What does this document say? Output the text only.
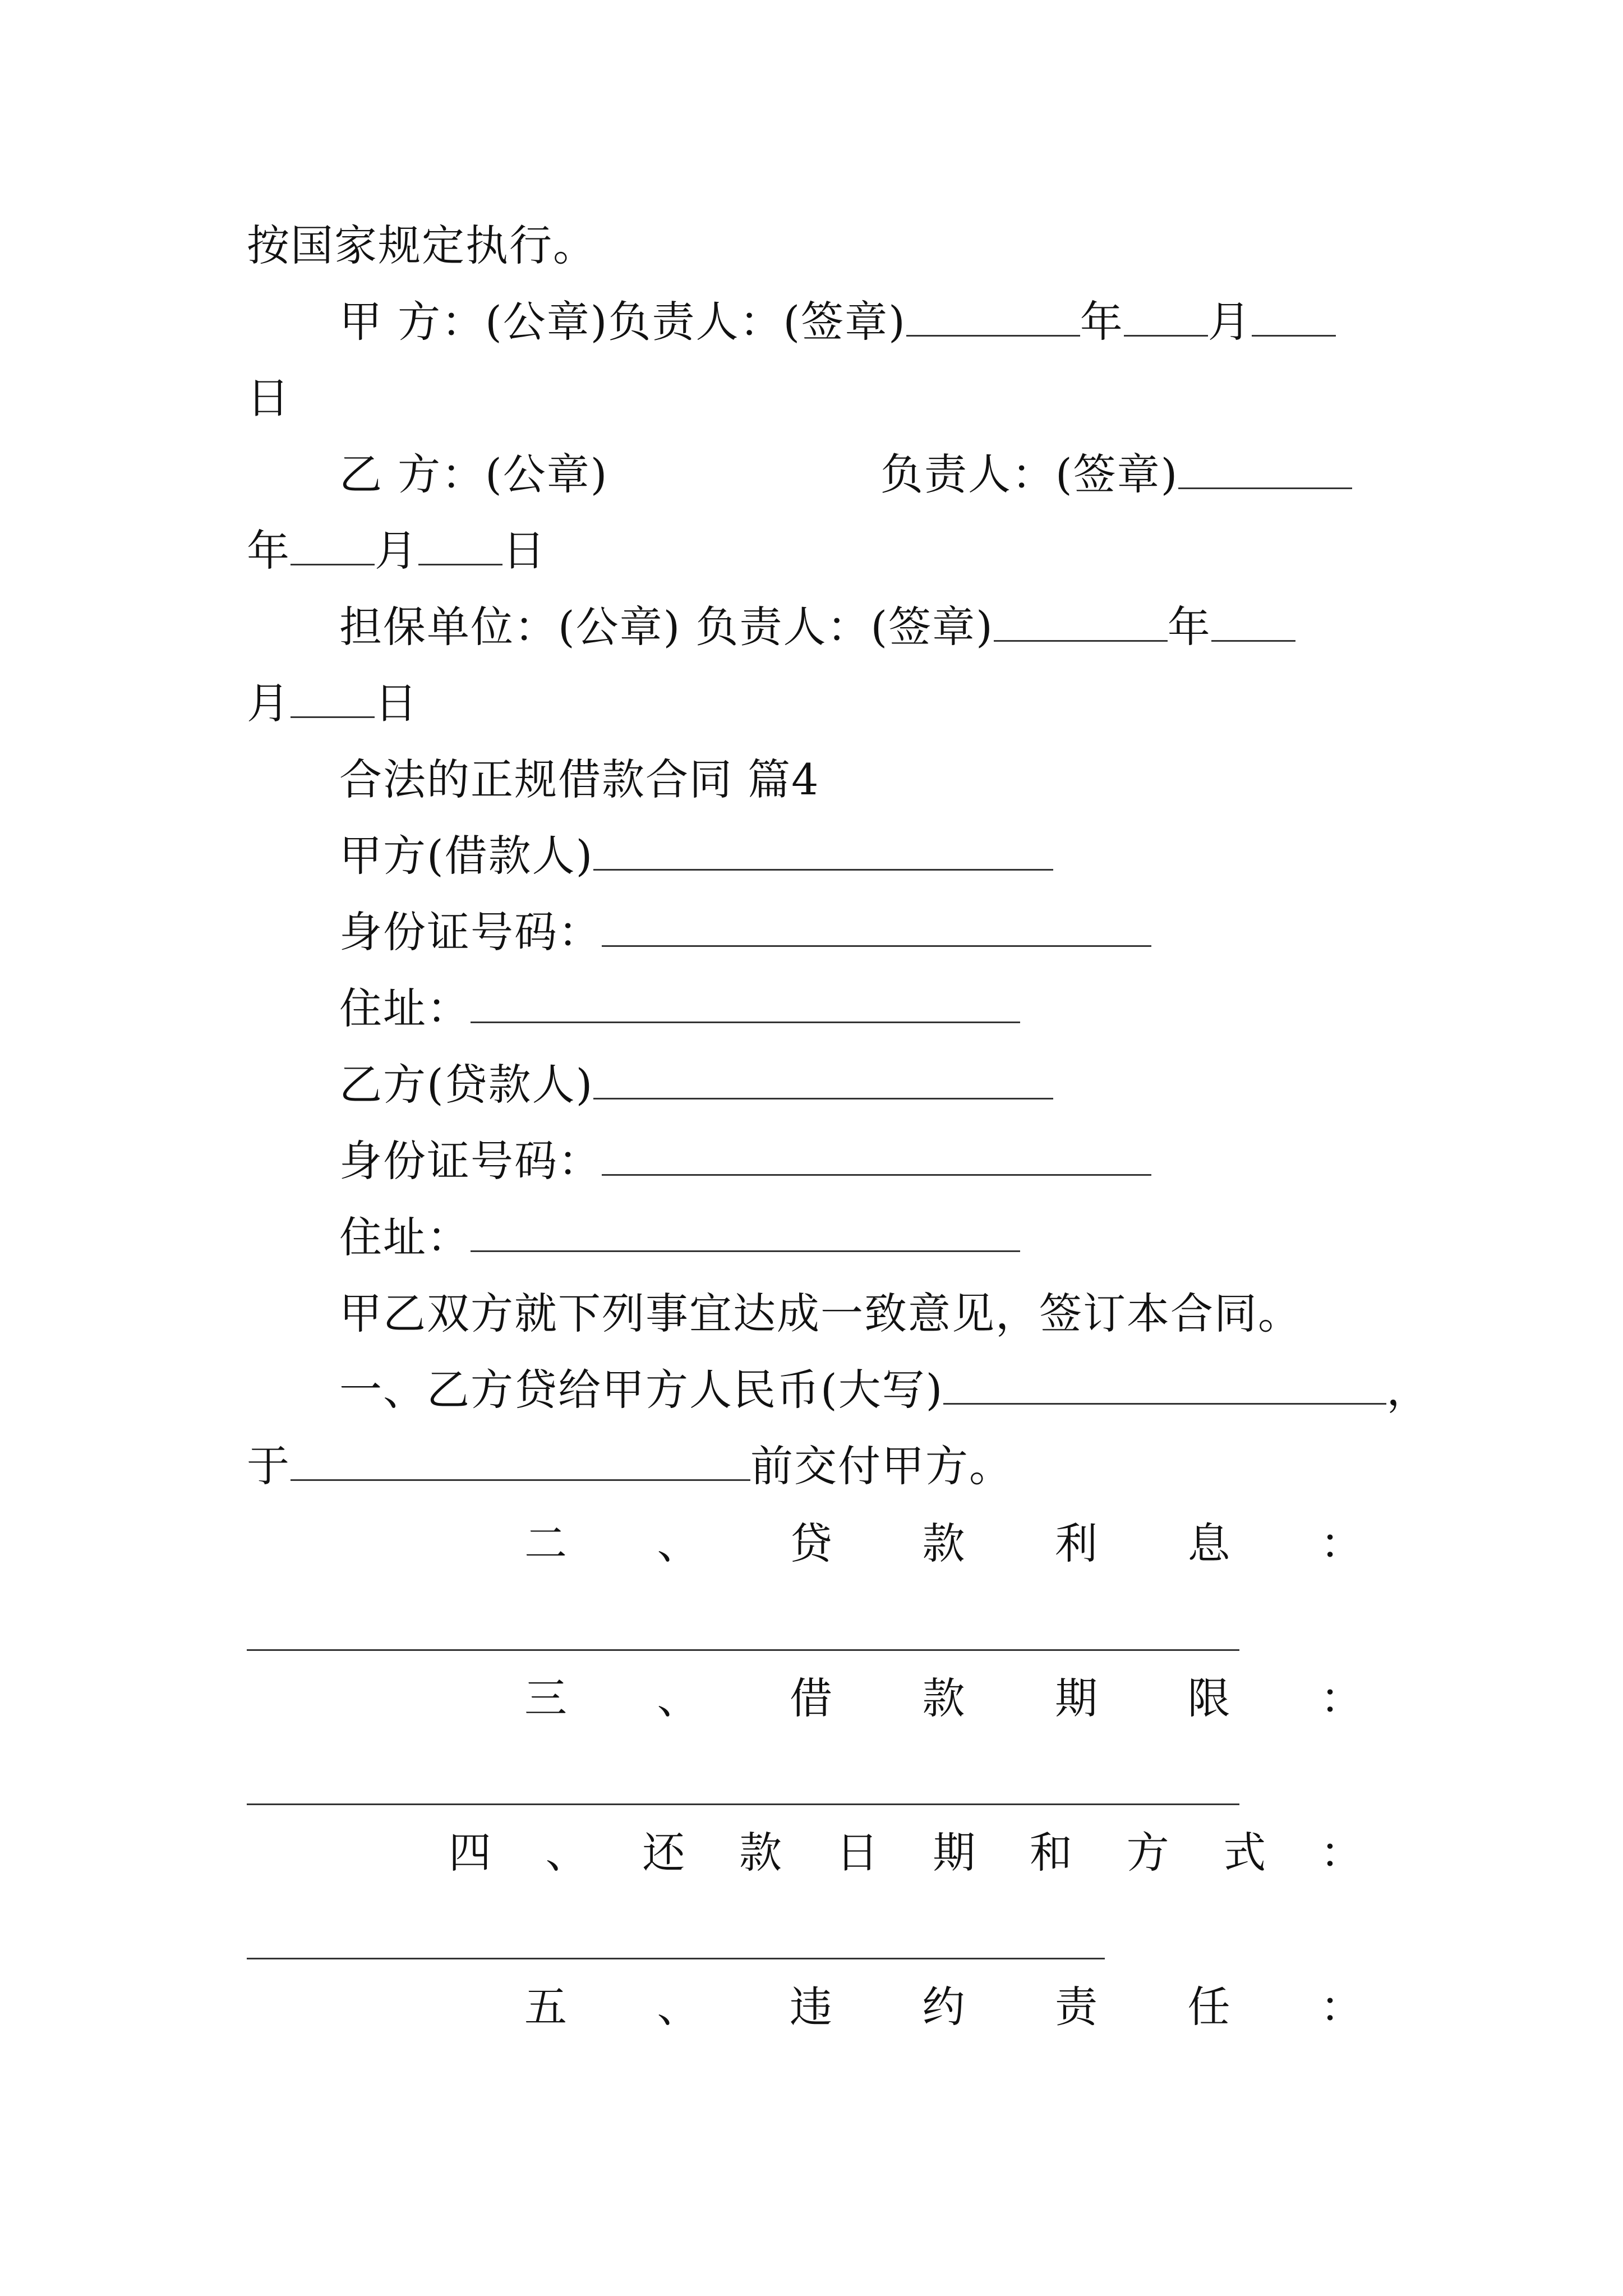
按国家规定执行。
甲 方：(公章)负责人：(签章)	年 月
日
乙 方：(公章)	负责人：(签章)
年 月 日
担保单位：(公章) 负责人：(签章)	年
月 日
合法的正规借款合同 篇4
甲方(借款人)
身份证号码：
住址：
乙方(贷款人)
身份证号码：
住址：
甲乙双方就下列事宜达成一致意见，签订本合同。
一、乙方贷给甲方人民币(大写)	，
于	前交付甲方。
二 、 贷 款 利 息 ：
三 、 借 款 期 限 ：
四 、 还 款 日 期 和 方 式 ：
五 、 违 约 责 任 ：
